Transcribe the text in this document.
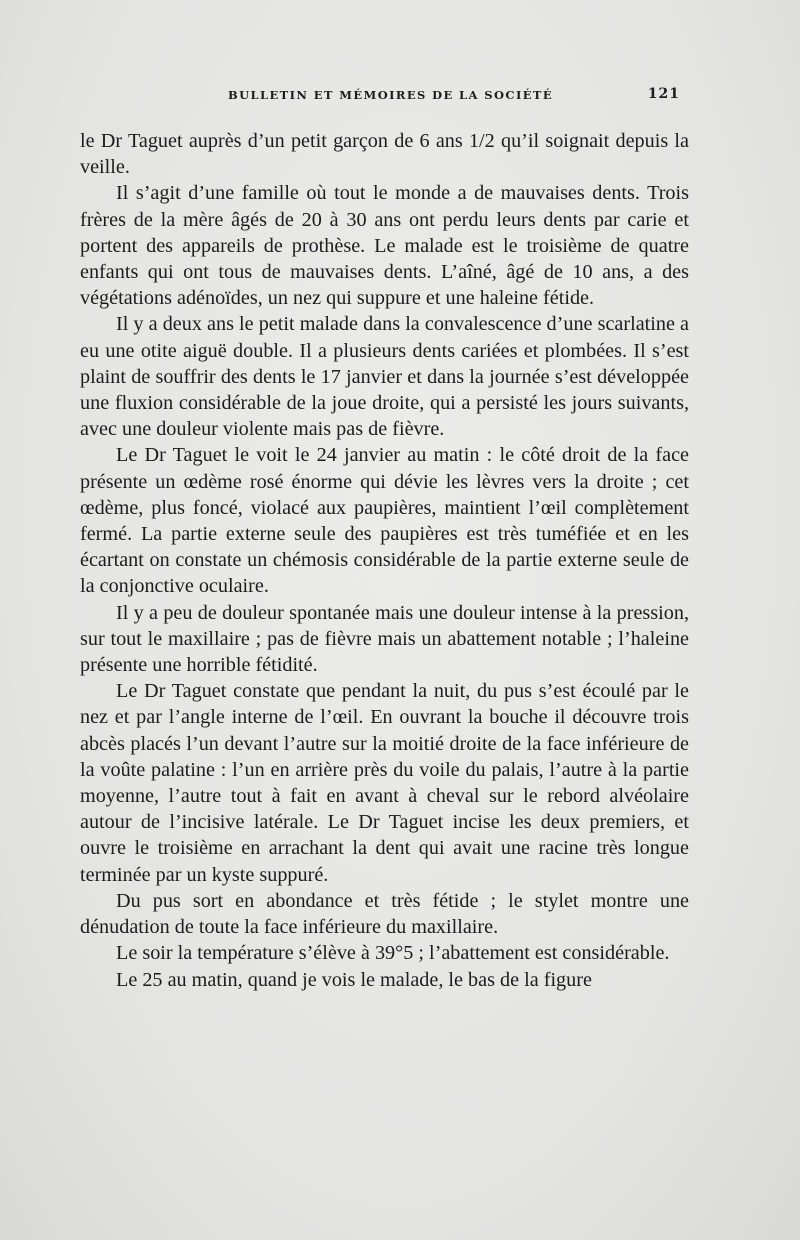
BULLETIN ET MÉMOIRES DE LA SOCIÉTÉ	121

le Dr Taguet auprès d’un petit garçon de 6 ans 1/2 qu’il soignait depuis la veille.

Il s’agit d’une famille où tout le monde a de mauvaises dents. Trois frères de la mère âgés de 20 à 30 ans ont perdu leurs dents par carie et portent des appareils de prothèse. Le malade est le troisième de quatre enfants qui ont tous de mauvaises dents. L’aîné, âgé de 10 ans, a des végétations adénoïdes, un nez qui suppure et une haleine fétide.

Il y a deux ans le petit malade dans la convalescence d’une scarlatine a eu une otite aiguë double. Il a plusieurs dents cariées et plombées. Il s’est plaint de souffrir des dents le 17 janvier et dans la journée s’est développée une fluxion considérable de la joue droite, qui a persisté les jours suivants, avec une douleur violente mais pas de fièvre.

Le Dr Taguet le voit le 24 janvier au matin : le côté droit de la face présente un œdème rosé énorme qui dévie les lèvres vers la droite ; cet œdème, plus foncé, violacé aux paupières, maintient l’œil complètement fermé. La partie externe seule des paupières est très tuméfiée et en les écartant on constate un chémosis considérable de la partie externe seule de la conjonctive oculaire.

Il y a peu de douleur spontanée mais une douleur intense à la pression, sur tout le maxillaire ; pas de fièvre mais un abattement notable ; l’haleine présente une horrible fétidité.

Le Dr Taguet constate que pendant la nuit, du pus s’est écoulé par le nez et par l’angle interne de l’œil. En ouvrant la bouche il découvre trois abcès placés l’un devant l’autre sur la moitié droite de la face inférieure de la voûte palatine : l’un en arrière près du voile du palais, l’autre à la partie moyenne, l’autre tout à fait en avant à cheval sur le rebord alvéolaire autour de l’incisive latérale. Le Dr Taguet incise les deux premiers, et ouvre le troisième en arrachant la dent qui avait une racine très longue terminée par un kyste suppuré.

Du pus sort en abondance et très fétide ; le stylet montre une dénudation de toute la face inférieure du maxillaire.

Le soir la température s’élève à 39°5 ; l’abattement est considérable.

Le 25 au matin, quand je vois le malade, le bas de la figure
